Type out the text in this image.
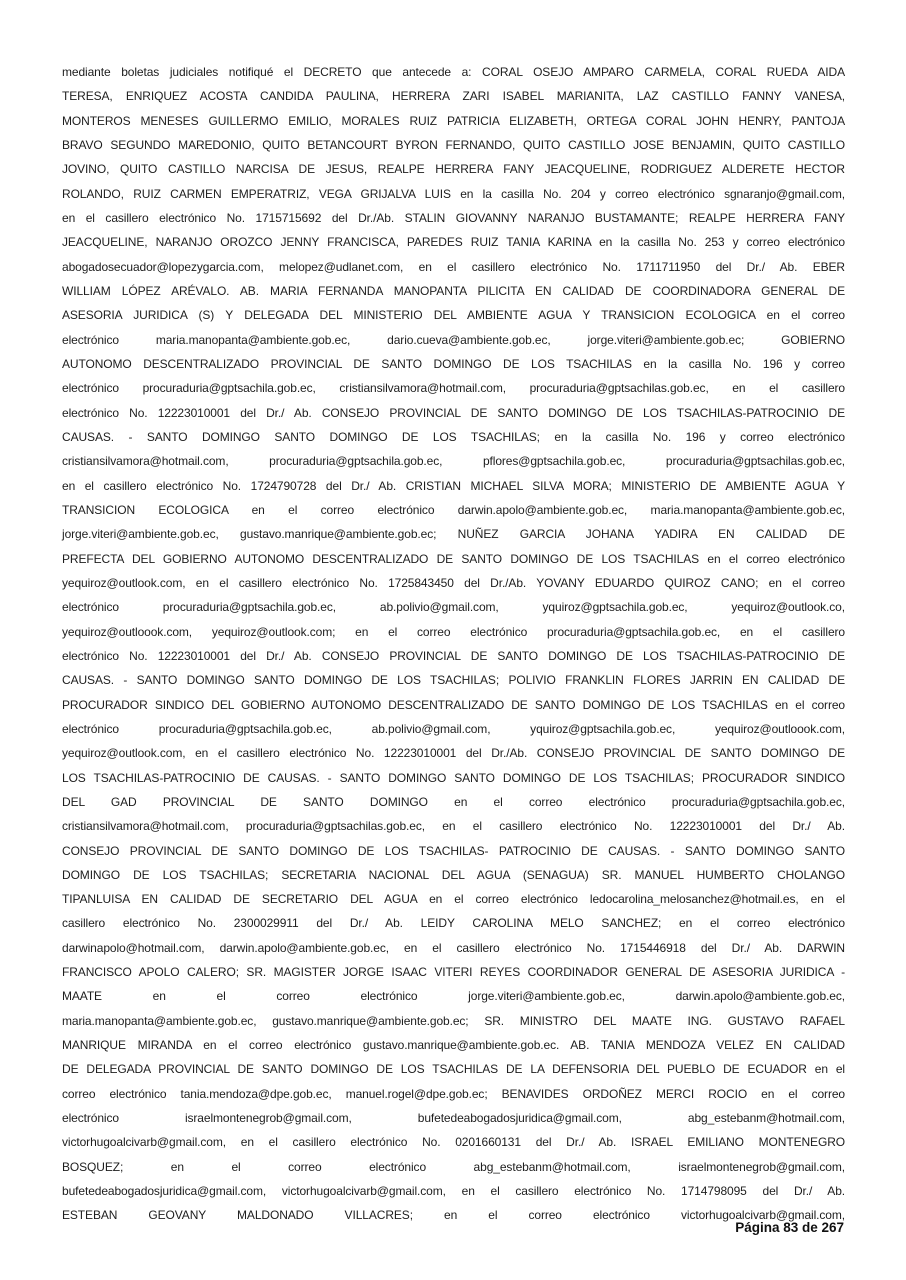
mediante boletas judiciales notifiqué el DECRETO que antecede a: CORAL OSEJO AMPARO CARMELA, CORAL RUEDA AIDA
TERESA, ENRIQUEZ ACOSTA CANDIDA PAULINA, HERRERA ZARI ISABEL MARIANITA, LAZ CASTILLO FANNY VANESA,
MONTEROS MENESES GUILLERMO EMILIO, MORALES RUIZ PATRICIA ELIZABETH, ORTEGA CORAL JOHN HENRY, PANTOJA
BRAVO SEGUNDO MAREDONIO, QUITO BETANCOURT BYRON FERNANDO, QUITO CASTILLO JOSE BENJAMIN, QUITO CASTILLO
JOVINO, QUITO CASTILLO NARCISA DE JESUS, REALPE HERRERA FANY JEACQUELINE, RODRIGUEZ ALDERETE HECTOR
ROLANDO, RUIZ CARMEN EMPERATRIZ, VEGA GRIJALVA LUIS en la casilla No. 204 y correo electrónico sgnaranjo@gmail.com,
en el casillero electrónico No. 1715715692 del Dr./Ab. STALIN GIOVANNY NARANJO BUSTAMANTE; REALPE HERRERA FANY
JEACQUELINE, NARANJO OROZCO JENNY FRANCISCA, PAREDES RUIZ TANIA KARINA en la casilla No. 253 y correo electrónico
abogadosecuador@lopezygarcia.com, melopez@udlanet.com, en el casillero electrónico No. 1711711950 del Dr./ Ab. EBER
WILLIAM LÓPEZ ARÉVALO. AB. MARIA FERNANDA MANOPANTA PILICITA EN CALIDAD DE COORDINADORA GENERAL DE
ASESORIA JURIDICA (S) Y DELEGADA DEL MINISTERIO DEL AMBIENTE AGUA Y TRANSICION ECOLOGICA en el correo
electrónico maria.manopanta@ambiente.gob.ec, dario.cueva@ambiente.gob.ec, jorge.viteri@ambiente.gob.ec; GOBIERNO
AUTONOMO DESCENTRALIZADO PROVINCIAL DE SANTO DOMINGO DE LOS TSACHILAS en la casilla No. 196 y correo
electrónico procuraduria@gptsachila.gob.ec, cristiansilvamora@hotmail.com, procuraduria@gptsachilas.gob.ec, en el casillero
electrónico No. 12223010001 del Dr./ Ab. CONSEJO PROVINCIAL DE SANTO DOMINGO DE LOS TSACHILAS-PATROCINIO DE
CAUSAS. - SANTO DOMINGO SANTO DOMINGO DE LOS TSACHILAS; en la casilla No. 196 y correo electrónico
cristiansilvamora@hotmail.com, procuraduria@gptsachila.gob.ec, pflores@gptsachila.gob.ec, procuraduria@gptsachilas.gob.ec,
en el casillero electrónico No. 1724790728 del Dr./ Ab. CRISTIAN MICHAEL SILVA MORA; MINISTERIO DE AMBIENTE AGUA Y
TRANSICION ECOLOGICA en el correo electrónico darwin.apolo@ambiente.gob.ec, maria.manopanta@ambiente.gob.ec,
jorge.viteri@ambiente.gob.ec, gustavo.manrique@ambiente.gob.ec; NUÑEZ GARCIA JOHANA YADIRA EN CALIDAD DE
PREFECTA DEL GOBIERNO AUTONOMO DESCENTRALIZADO DE SANTO DOMINGO DE LOS TSACHILAS en el correo electrónico
yequiroz@outlook.com, en el casillero electrónico No. 1725843450 del Dr./Ab. YOVANY EDUARDO QUIROZ CANO; en el correo
electrónico procuraduria@gptsachila.gob.ec, ab.polivio@gmail.com, yquiroz@gptsachila.gob.ec, yequiroz@outlook.co,
yequiroz@outloook.com, yequiroz@outlook.com; en el correo electrónico procuraduria@gptsachila.gob.ec, en el casillero
electrónico No. 12223010001 del Dr./ Ab. CONSEJO PROVINCIAL DE SANTO DOMINGO DE LOS TSACHILAS-PATROCINIO DE
CAUSAS. - SANTO DOMINGO SANTO DOMINGO DE LOS TSACHILAS; POLIVIO FRANKLIN FLORES JARRIN EN CALIDAD DE
PROCURADOR SINDICO DEL GOBIERNO AUTONOMO DESCENTRALIZADO DE SANTO DOMINGO DE LOS TSACHILAS en el correo
electrónico procuraduria@gptsachila.gob.ec, ab.polivio@gmail.com, yquiroz@gptsachila.gob.ec, yequiroz@outloook.com,
yequiroz@outlook.com, en el casillero electrónico No. 12223010001 del Dr./Ab. CONSEJO PROVINCIAL DE SANTO DOMINGO DE
LOS TSACHILAS-PATROCINIO DE CAUSAS. - SANTO DOMINGO SANTO DOMINGO DE LOS TSACHILAS; PROCURADOR SINDICO
DEL GAD PROVINCIAL DE SANTO DOMINGO en el correo electrónico procuraduria@gptsachila.gob.ec,
cristiansilvamora@hotmail.com, procuraduria@gptsachilas.gob.ec, en el casillero electrónico No. 12223010001 del Dr./ Ab.
CONSEJO PROVINCIAL DE SANTO DOMINGO DE LOS TSACHILAS- PATROCINIO DE CAUSAS. - SANTO DOMINGO SANTO
DOMINGO DE LOS TSACHILAS; SECRETARIA NACIONAL DEL AGUA (SENAGUA) SR. MANUEL HUMBERTO CHOLANGO
TIPANLUISA EN CALIDAD DE SECRETARIO DEL AGUA en el correo electrónico ledocarolina_melosanchez@hotmail.es, en el
casillero electrónico No. 2300029911 del Dr./ Ab. LEIDY CAROLINA MELO SANCHEZ; en el correo electrónico
darwinapolo@hotmail.com, darwin.apolo@ambiente.gob.ec, en el casillero electrónico No. 1715446918 del Dr./ Ab. DARWIN
FRANCISCO APOLO CALERO; SR. MAGISTER JORGE ISAAC VITERI REYES COORDINADOR GENERAL DE ASESORIA JURIDICA -
MAATE en el correo electrónico jorge.viteri@ambiente.gob.ec, darwin.apolo@ambiente.gob.ec,
maria.manopanta@ambiente.gob.ec, gustavo.manrique@ambiente.gob.ec; SR. MINISTRO DEL MAATE ING. GUSTAVO RAFAEL
MANRIQUE MIRANDA en el correo electrónico gustavo.manrique@ambiente.gob.ec. AB. TANIA MENDOZA VELEZ EN CALIDAD
DE DELEGADA PROVINCIAL DE SANTO DOMINGO DE LOS TSACHILAS DE LA DEFENSORIA DEL PUEBLO DE ECUADOR en el
correo electrónico tania.mendoza@dpe.gob.ec, manuel.rogel@dpe.gob.ec; BENAVIDES ORDOÑEZ MERCI ROCIO en el correo
electrónico israelmontenegrob@gmail.com, bufetedeabogadosjuridica@gmail.com, abg_estebanm@hotmail.com,
victorhugoalcivarb@gmail.com, en el casillero electrónico No. 0201660131 del Dr./ Ab. ISRAEL EMILIANO MONTENEGRO
BOSQUEZ; en el correo electrónico abg_estebanm@hotmail.com, israelmontenegrob@gmail.com,
bufetedeabogadosjuridica@gmail.com, victorhugoalcivarb@gmail.com, en el casillero electrónico No. 1714798095 del Dr./ Ab.
ESTEBAN GEOVANY MALDONADO VILLACRES; en el correo electrónico victorhugoalcivarb@gmail.com,
Página 83 de 267
